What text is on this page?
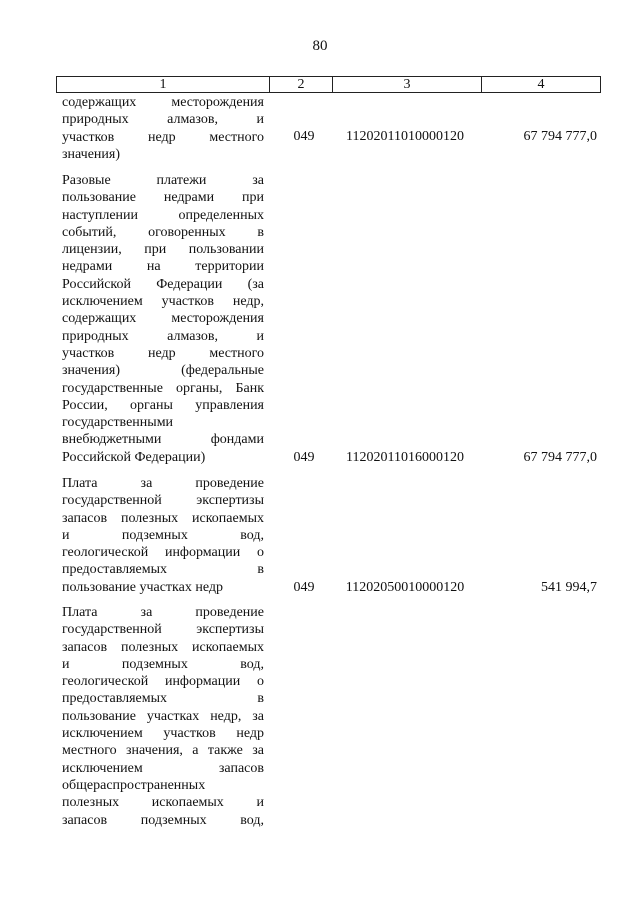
80
1	2	3	4
содержащих месторождения
природных алмазов, и
участков недр местного
значения)
049	11202011010000120	67 794 777,0
Разовые платежи за
пользование недрами при
наступлении определенных
событий, оговоренных в
лицензии, при пользовании
недрами на территории
Российской Федерации (за
исключением участков недр,
содержащих месторождения
природных алмазов, и
участков недр местного
значения) (федеральные
государственные органы, Банк
России, органы управления
государственными
внебюджетными фондами
Российской Федерации)	049	11202011016000120	67 794 777,0
Плата за проведение
государственной экспертизы
запасов полезных ископаемых
и подземных вод,
геологической информации о
предоставляемых в
пользование участках недр	049	11202050010000120	541 994,7
Плата за проведение
государственной экспертизы
запасов полезных ископаемых
и подземных вод,
геологической информации о
предоставляемых в
пользование участках недр, за
исключением участков недр
местного значения, а также за
исключением запасов
общераспространенных
полезных ископаемых и
запасов подземных вод,
